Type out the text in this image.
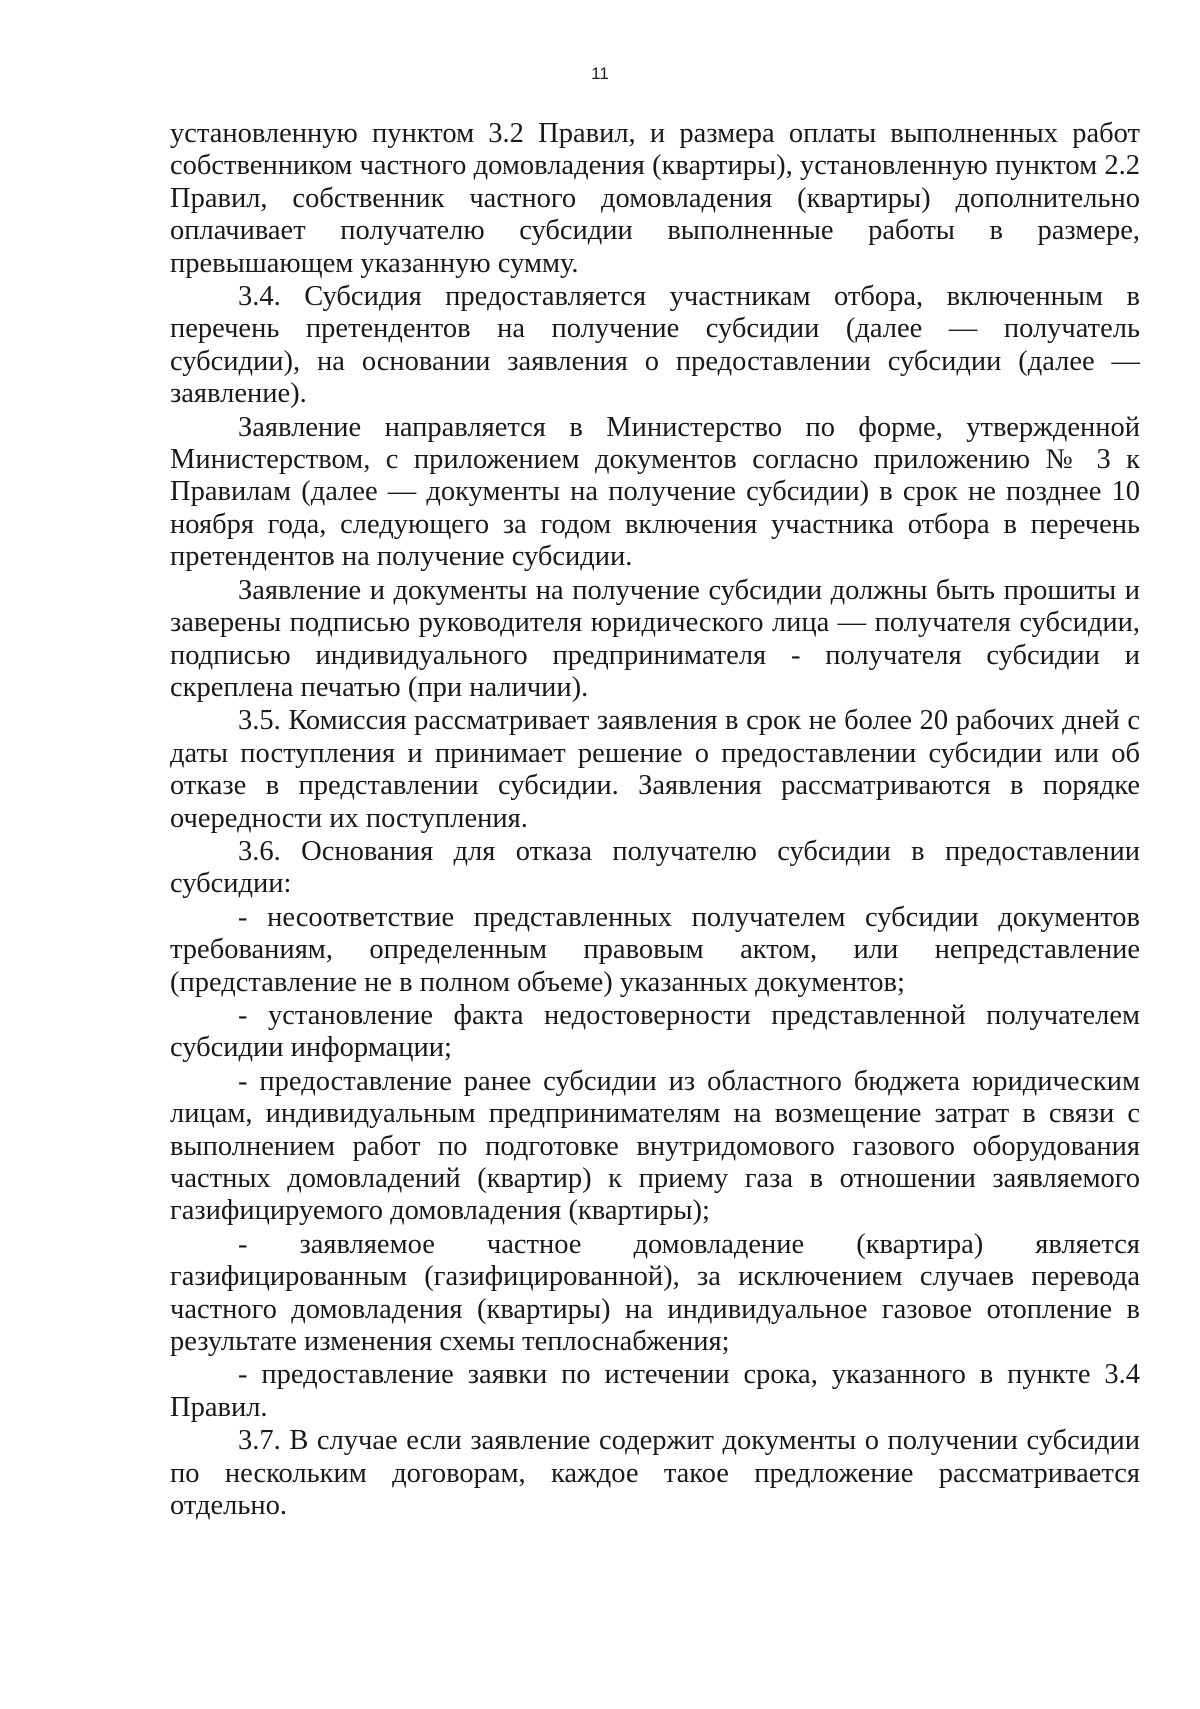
11

установленную пунктом 3.2 Правил, и размера оплаты выполненных работ собственником частного домовладения (квартиры), установленную пунктом 2.2 Правил, собственник частного домовладения (квартиры) дополнительно оплачивает получателю субсидии выполненные работы в размере, превышающем указанную сумму.

3.4. Субсидия предоставляется участникам отбора, включенным в перечень претендентов на получение субсидии (далее — получатель субсидии), на основании заявления о предоставлении субсидии (далее — заявление).

Заявление направляется в Министерство по форме, утвержденной Министерством, с приложением документов согласно приложению № 3 к Правилам (далее — документы на получение субсидии) в срок не позднее 10 ноября года, следующего за годом включения участника отбора в перечень претендентов на получение субсидии.

Заявление и документы на получение субсидии должны быть прошиты и заверены подписью руководителя юридического лица — получателя субсидии, подписью индивидуального предпринимателя - получателя субсидии и скреплена печатью (при наличии).

3.5. Комиссия рассматривает заявления в срок не более 20 рабочих дней с даты поступления и принимает решение о предоставлении субсидии или об отказе в представлении субсидии. Заявления рассматриваются в порядке очередности их поступления.

3.6. Основания для отказа получателю субсидии в предоставлении субсидии:

- несоответствие представленных получателем субсидии документов требованиям, определенным правовым актом, или непредставление (представление не в полном объеме) указанных документов;

- установление факта недостоверности представленной получателем субсидии информации;

- предоставление ранее субсидии из областного бюджета юридическим лицам, индивидуальным предпринимателям на возмещение затрат в связи с выполнением работ по подготовке внутридомового газового оборудования частных домовладений (квартир) к приему газа в отношении заявляемого газифицируемого домовладения (квартиры);

- заявляемое частное домовладение (квартира) является газифицированным (газифицированной), за исключением случаев перевода частного домовладения (квартиры) на индивидуальное газовое отопление в результате изменения схемы теплоснабжения;

- предоставление заявки по истечении срока, указанного в пункте 3.4 Правил.

3.7. В случае если заявление содержит документы о получении субсидии по нескольким договорам, каждое такое предложение рассматривается отдельно.
